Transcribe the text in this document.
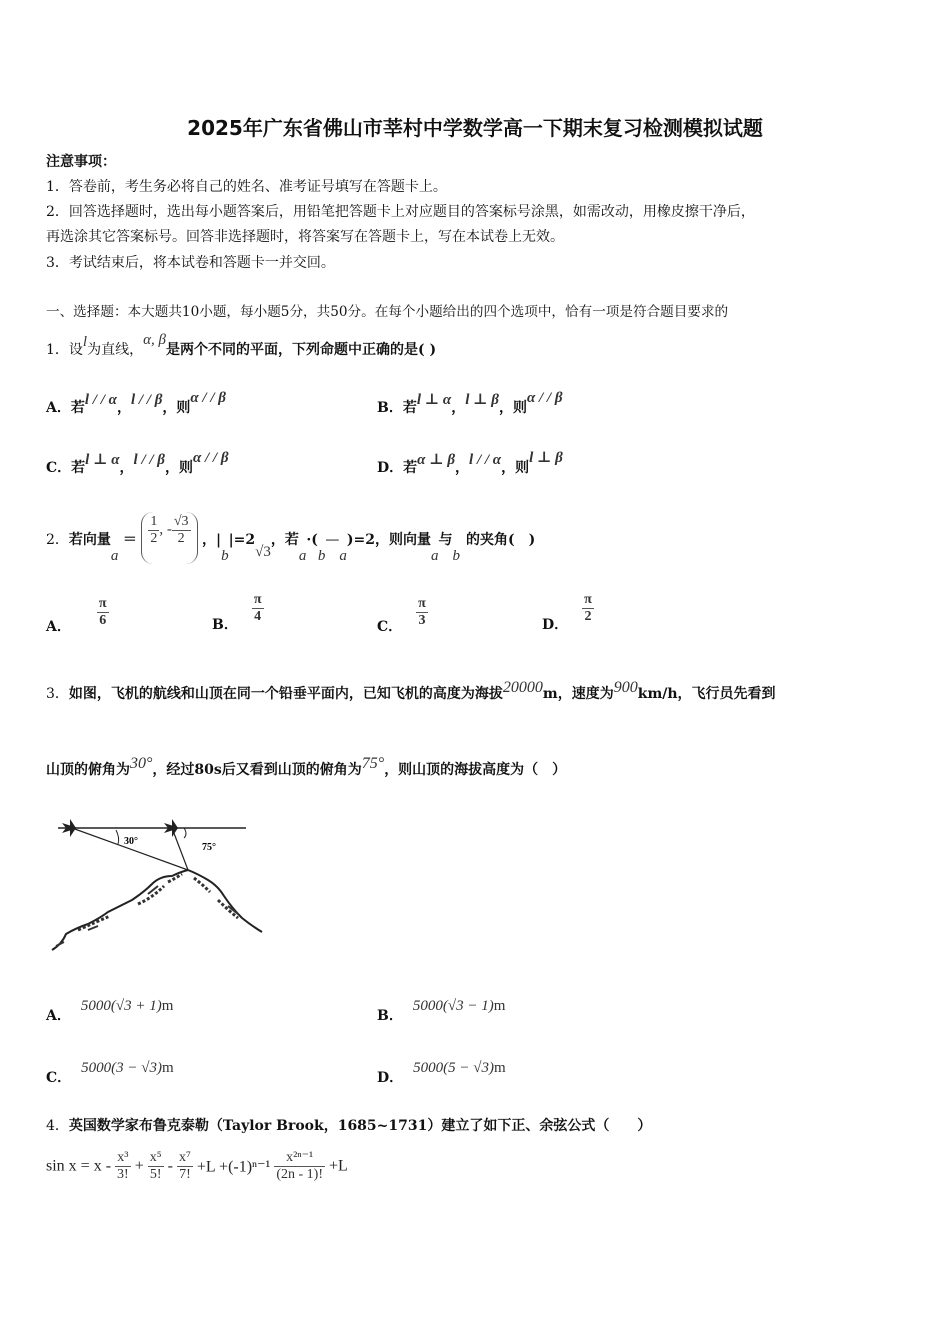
2025年广东省佛山市莘村中学数学高一下期末复习检测模拟试题
注意事项：
1．答卷前，考生务必将自己的姓名、准考证号填写在答题卡上。
2．回答选择题时，选出每小题答案后，用铅笔把答题卡上对应题目的答案标号涂黑，如需改动，用橡皮擦干净后，
再选涂其它答案标号。回答非选择题时，将答案写在答题卡上，写在本试卷上无效。
3．考试结束后，将本试卷和答题卡一并交回。
一、选择题：本大题共10小题，每小题5分，共50分。在每个小题给出的四个选项中，恰有一项是符合题目要求的
1．设l为直线，α, β是两个不同的平面，下列命题中正确的是( )
A．若l / / α，l / / β，则α / / β
B．若l ⊥ α，l ⊥ β，则α / / β
C．若l ⊥ α，l / / β，则α / / β
D．若α ⊥ β，l / / α，则l ⊥ β
2．若向量$a = \frac{1}{2}$ , - $\frac{√3}{2}$ ，|b|=2√3，若a·(b—a)=2，则向量a与b的夹角(　)
A． $\frac{\pi}{6}$	B． $\frac{\pi}{4}$
C． $\frac{\pi}{3}$	D． $\frac{\pi}{2}$
3．如图，飞机的航线和山顶在同一个铅垂平面内，已知飞机的高度为海拔20000m，速度为900km/h，飞行员先看到
山顶的俯角为30°，经过80s后又看到山顶的俯角为75°，则山顶的海拔高度为（　）
30°
75°
A．5000(√3 + 1)m
B．5000(√3 − 1)m
C．5000(3 − √3)m
D．5000(5 − √3)m
4．英国数学家布鲁克泰勒（Taylor Brook，1685~1731）建立了如下正、余弦公式（　　）
$\sin x = x - \frac{\text{x³}}{3!} + \frac{\text{x⁵}}{5!} - \frac{\text{x⁷}}{7!} +L +(-1)^{n-1} \frac{\text{x²ⁿ⁻¹}}{(2n - 1)!} +L$
